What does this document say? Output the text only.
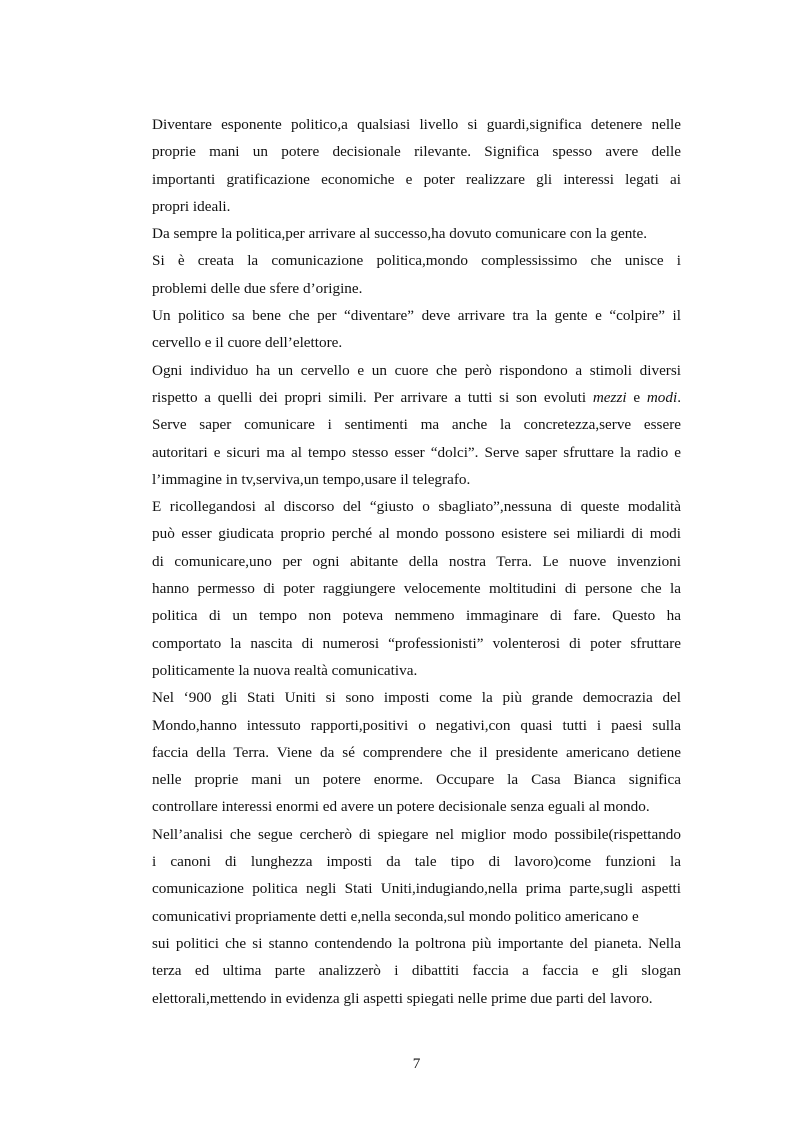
Diventare esponente politico,a qualsiasi livello si guardi,significa detenere nelle
proprie mani un potere decisionale rilevante. Significa spesso avere delle
importanti gratificazione economiche e poter realizzare gli interessi legati ai
propri ideali.
Da sempre la politica,per arrivare al successo,ha dovuto comunicare con la gente.
Si è creata la comunicazione politica,mondo complessissimo che unisce i
problemi delle due sfere d’origine.
Un politico sa bene che per “diventare” deve arrivare tra la gente e “colpire” il
cervello e il cuore dell’elettore.
Ogni individuo ha un cervello e un cuore che però rispondono a stimoli diversi
rispetto a quelli dei propri simili. Per arrivare a tutti si son evoluti mezzi e modi.
Serve saper comunicare i sentimenti ma anche la concretezza,serve essere
autoritari e sicuri ma al tempo stesso esser “dolci”. Serve saper sfruttare la radio e
l’immagine in tv,serviva,un tempo,usare il telegrafo.
E ricollegandosi al discorso del “giusto o sbagliato”,nessuna di queste modalità
può esser giudicata proprio perché al mondo possono esistere sei miliardi di modi
di comunicare,uno per ogni abitante della nostra Terra. Le nuove invenzioni
hanno permesso di poter raggiungere velocemente moltitudini di persone che la
politica di un tempo non poteva nemmeno immaginare di fare. Questo ha
comportato la nascita di numerosi “professionisti” volenterosi di poter sfruttare
politicamente la nuova realtà comunicativa.
Nel ‘900 gli Stati Uniti si sono imposti come la più grande democrazia del
Mondo,hanno intessuto rapporti,positivi o negativi,con quasi tutti i paesi sulla
faccia della Terra. Viene da sé comprendere che il presidente americano detiene
nelle proprie mani un potere enorme. Occupare la Casa Bianca significa
controllare interessi enormi ed avere un potere decisionale senza eguali al mondo.
Nell’analisi che segue cercherò di spiegare nel miglior modo possibile(rispettando
i canoni di lunghezza imposti da tale tipo di lavoro)come funzioni la
comunicazione politica negli Stati Uniti,indugiando,nella prima parte,sugli aspetti
comunicativi propriamente detti e,nella seconda,sul mondo politico americano e
sui politici che si stanno contendendo la poltrona più importante del pianeta. Nella
terza ed ultima parte analizzerò i dibattiti faccia a faccia e gli slogan
elettorali,mettendo in evidenza gli aspetti spiegati nelle prime due parti del lavoro.
7
